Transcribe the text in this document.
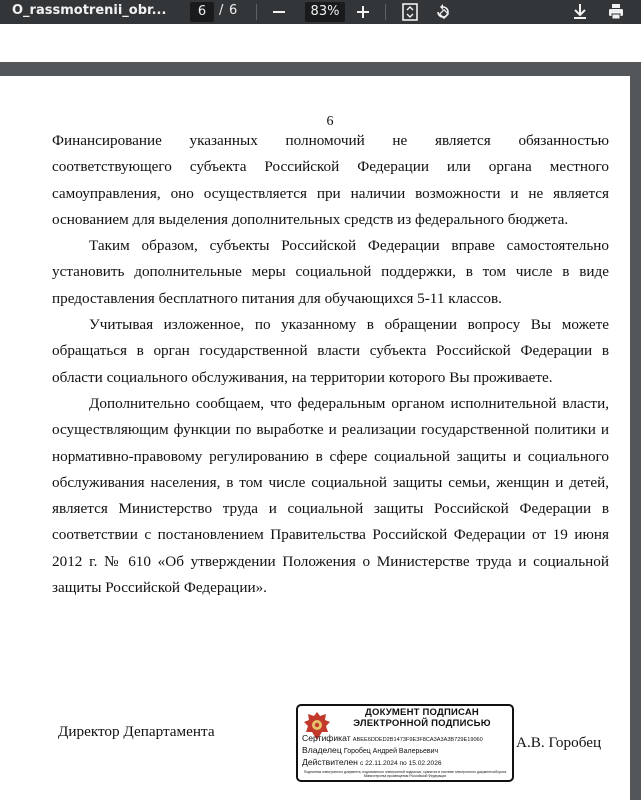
O_rassmotrenii_obr...	6 / 6	83%
6

Финансирование указанных полномочий не является обязанностью соответствующего субъекта Российской Федерации или органа местного самоуправления, оно осуществляется при наличии возможности и не является основанием для выделения дополнительных средств из федерального бюджета.

Таким образом, субъекты Российской Федерации вправе самостоятельно установить дополнительные меры социальной поддержки, в том числе в виде предоставления бесплатного питания для обучающихся 5-11 классов.

Учитывая изложенное, по указанному в обращении вопросу Вы можете обращаться в орган государственной власти субъекта Российской Федерации в области социального обслуживания, на территории которого Вы проживаете.

Дополнительно сообщаем, что федеральным органом исполнительной власти, осуществляющим функции по выработке и реализации государственной политики и нормативно-правовому регулированию в сфере социальной защиты и социального обслуживания населения, в том числе социальной защиты семьи, женщин и детей, является Министерство труда и социальной защиты Российской Федерации в соответствии с постановлением Правительства Российской Федерации от 19 июня 2012 г. № 610 «Об утверждении Положения о Министерстве труда и социальной защиты Российской Федерации».

Директор Департамента
ДОКУМЕНТ ПОДПИСАН
ЭЛЕКТРОННОЙ ПОДПИСЬЮ
Сертификат ABEE6DDED2B1473F9E3F8CA3A3A3B729E19060
Владелец Горобец Андрей Валерьевич
Действителен с 22.11.2024 по 15.02.2026
Подлинник электронного документа, подписанного электронной подписью, хранится в системе электронного документооборота Министерства просвещения Российской Федерации
А.В. Горобец
